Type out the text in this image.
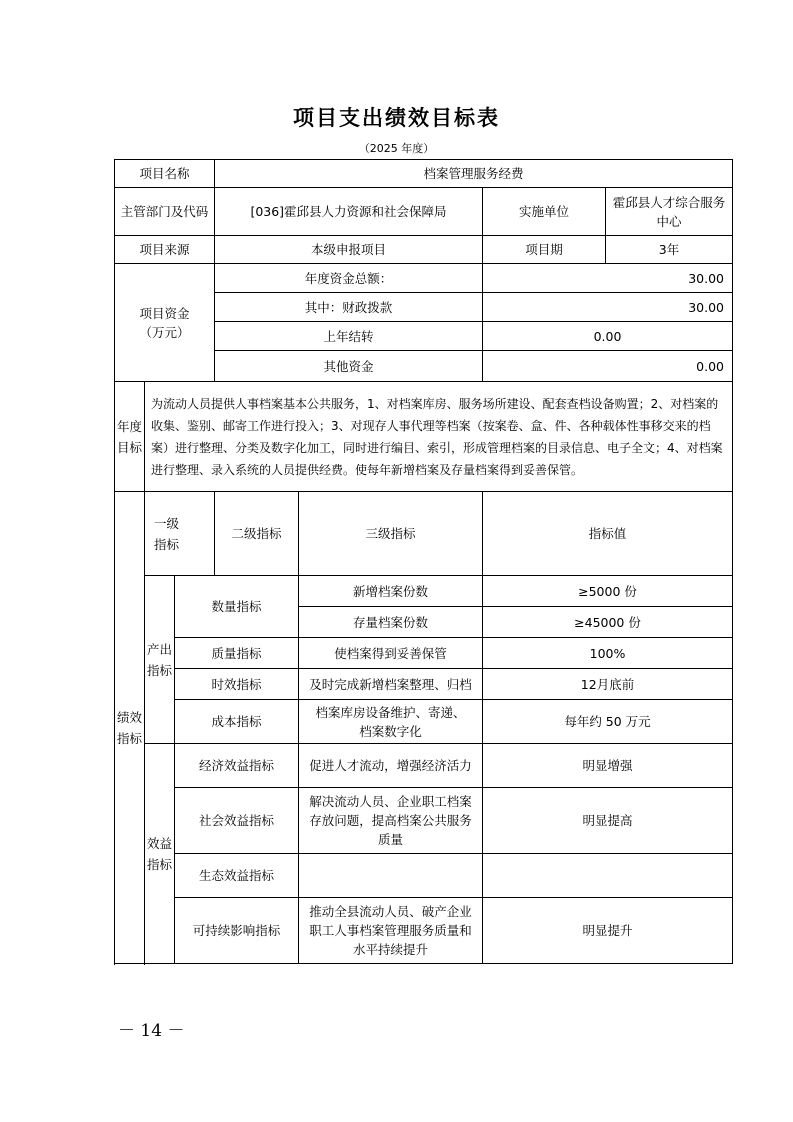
项目支出绩效目标表
（2025 年度）
项目名称			档案管理服务经费			
主管部门及代码			[036]霍邱县人力资源和社会保障局		实施单位	霍邱县人才综合服务中心
项目来源			本级申报项目		项目期	3年
项目资金（万元）			年度资金总额：		30.00	
			其中：财政拨款		30.00	
			上年结转		0.00	
			其他资金		0.00	
年度目标	为流动人员提供人事档案基本公共服务，1、对档案库房、服务场所建设、配套查档设备购置；2、对档案的收集、鉴别、邮寄工作进行投入；3、对现存人事代理等档案（按案卷、盒、件、各种载体性事移交来的档案）进行整理、分类及数字化加工，同时进行编目、索引，形成管理档案的目录信息、电子全文；4、对档案进行整理、录入系统的人员提供经费。使每年新增档案及存量档案得到妥善保管。					
绩效指标	一级指标		二级指标	三级指标	指标值	
	产出指标	数量指标		新增档案份数	≥5000 份	
				存量档案份数	≥45000 份	
		质量指标		使档案得到妥善保管	100%	
		时效指标		及时完成新增档案整理、归档	12月底前	
		成本指标		档案库房设备维护、寄递、档案数字化	每年约 50 万元	

	效益指标	经济效益指标		促进人才流动，增强经济活力	明显增强	
		社会效益指标		解决流动人员、企业职工档案存放问题，提高档案公共服务质量	明显提高	
		生态效益指标				
		可持续影响指标		推动全县流动人员、破产企业职工人事档案管理服务质量和水平持续提升	明显提升	

－ 14 －
